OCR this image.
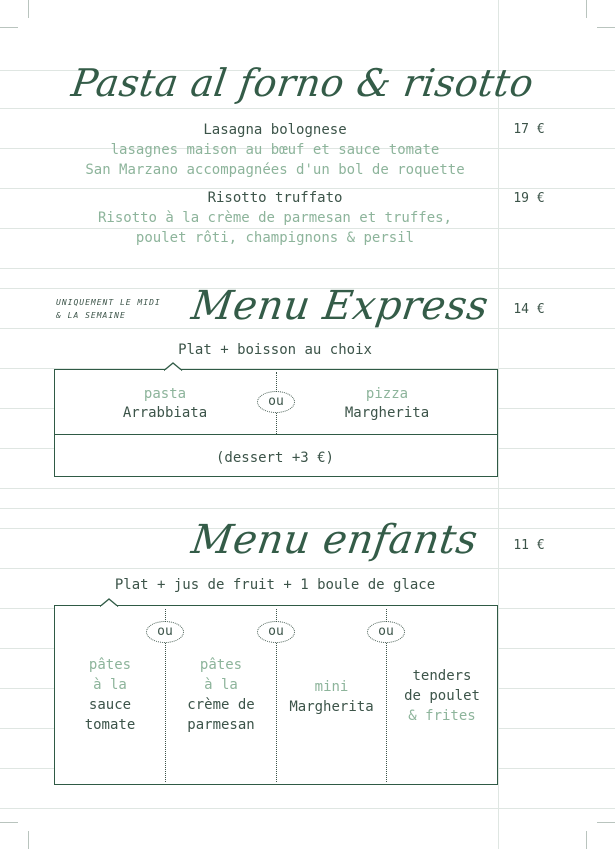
Pasta al forno & risotto
Lasagna bolognese	17 €
lasagnes maison au bœuf et sauce tomate
San Marzano accompagnées d'un bol de roquette
Risotto truffato	19 €
Risotto à la crème de parmesan et truffes,
poulet rôti, champignons & persil
UNIQUEMENT LE MIDI
& LA SEMAINE Menu Express	14 €
Plat + boisson au choix
ou
pasta
Arrabbiata
pizza
Margherita
(dessert +3 €)
Menu enfants	11 €
Plat + jus de fruit + 1 boule de glace
ou	ou	ou
pâtes
à la
sauce
tomate
pâtes
à la
crème de
parmesan
mini
Margherita
tenders
de poulet
& frites
